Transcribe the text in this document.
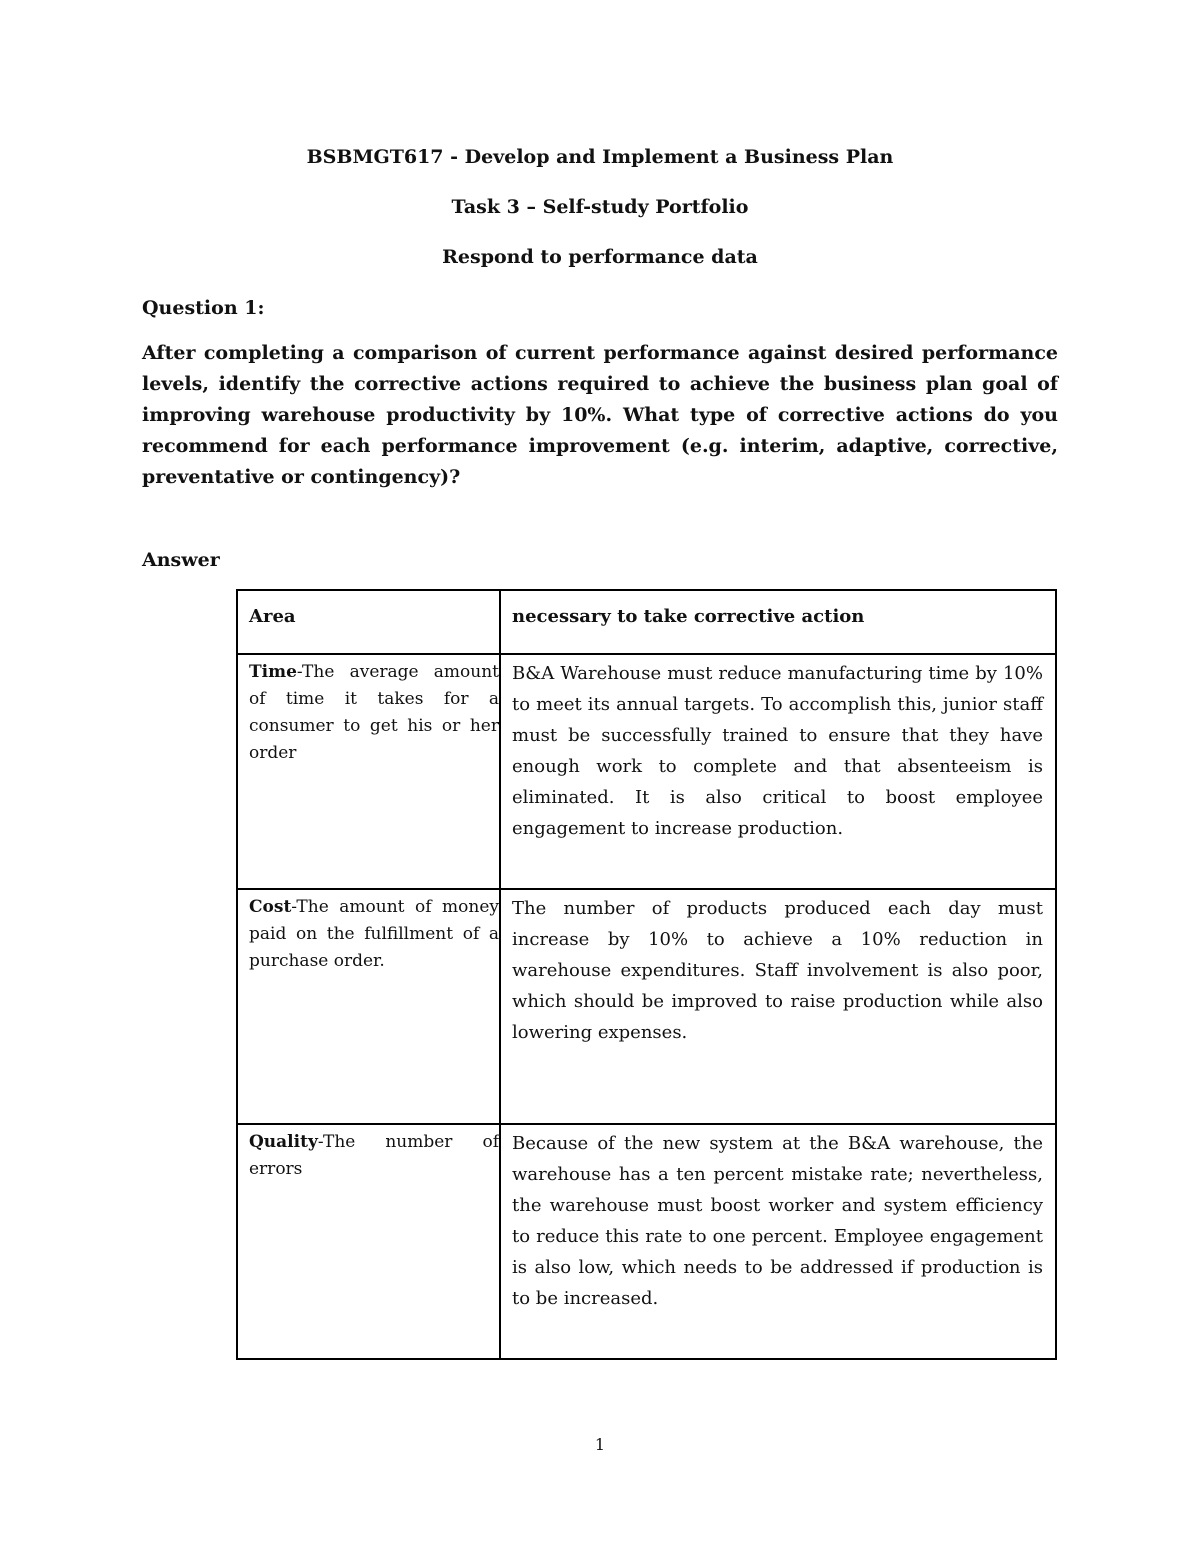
BSBMGT617 - Develop and Implement a Business Plan
Task 3 – Self-study Portfolio
Respond to performance data
Question 1:
After completing a comparison of current performance against desired performance levels, identify the corrective actions required to achieve the business plan goal of improving warehouse productivity by 10%. What type of corrective actions do you recommend for each performance improvement (e.g. interim, adaptive, corrective, preventative or contingency)?
Answer
Area	necessary to take corrective action
Time-The average amount of time it takes for a consumer to get his or her order	B&A Warehouse must reduce manufacturing time by 10% to meet its annual targets. To accomplish this, junior staff must be successfully trained to ensure that they have enough work to complete and that absenteeism is eliminated. It is also critical to boost employee engagement to increase production.
Cost-The amount of money paid on the fulfillment of a purchase order.	The number of products produced each day must increase by 10% to achieve a 10% reduction in warehouse expenditures. Staff involvement is also poor, which should be improved to raise production while also lowering expenses.
Quality-The number of errors	Because of the new system at the B&A warehouse, the warehouse has a ten percent mistake rate; nevertheless, the warehouse must boost worker and system efficiency to reduce this rate to one percent. Employee engagement is also low, which needs to be addressed if production is to be increased.
1
